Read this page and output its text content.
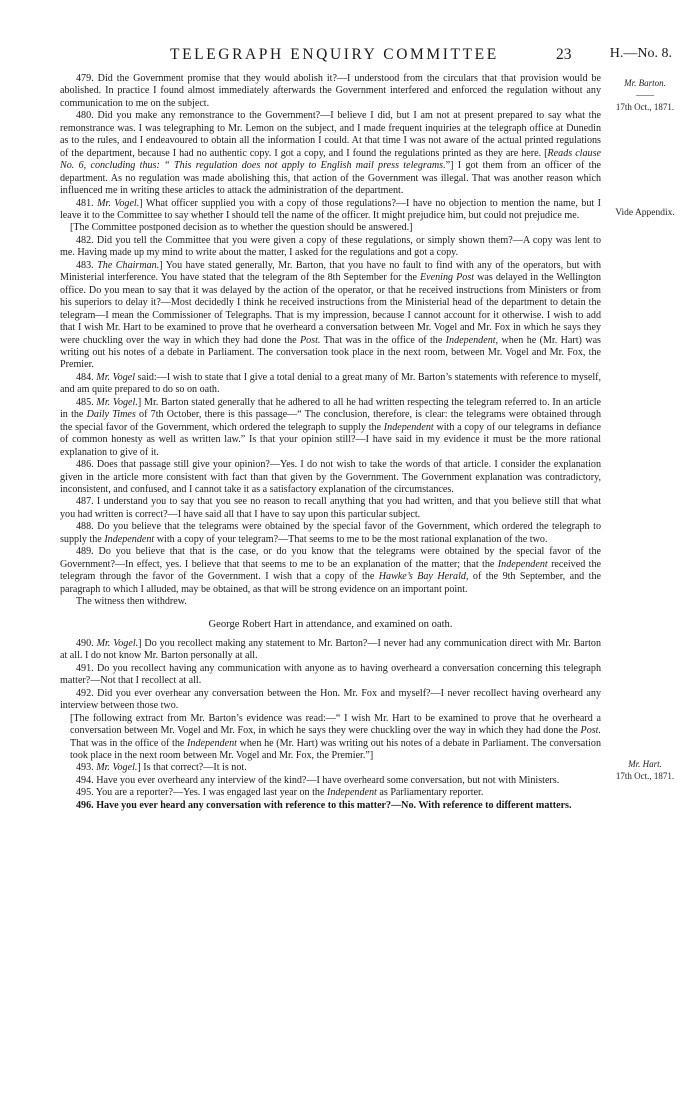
TELEGRAPH ENQUIRY COMMITTEE	23	H.—No. 8.
Mr. Barton.
——
17th Oct., 1871.
Vide Appendix.
Mr. Hart.
17th Oct., 1871.

479. Did the Government promise that they would abolish it?—I understood from the circulars that that provision would be abolished. In practice I found almost immediately afterwards the Government interfered and enforced the regulation without any communication to me on the subject.

480. Did you make any remonstrance to the Government?—I believe I did, but I am not at present prepared to say what the remonstrance was. I was telegraphing to Mr. Lemon on the subject, and I made frequent inquiries at the telegraph office at Dunedin as to the rules, and I endeavoured to obtain all the information I could. At that time I was not aware of the actual printed regulations of the department, because I had no authentic copy. I got a copy, and I found the regulations printed as they are here. [Reads clause No. 6, concluding thus: “ This regulation does not apply to English mail press telegrams.”] I got them from an officer of the department. As no regulation was made abolishing this, that action of the Government was illegal. That was another reason which influenced me in writing these articles to attack the administration of the department.

481. Mr. Vogel.] What officer supplied you with a copy of those regulations?—I have no objection to mention the name, but I leave it to the Committee to say whether I should tell the name of the officer. It might prejudice him, but could not prejudice me.

[The Committee postponed decision as to whether the question should be answered.]

482. Did you tell the Committee that you were given a copy of these regulations, or simply shown them?—A copy was lent to me. Having made up my mind to write about the matter, I asked for the regulations and got a copy.

483. The Chairman.] You have stated generally, Mr. Barton, that you have no fault to find with any of the operators, but with Ministerial interference. You have stated that the telegram of the 8th September for the Evening Post was delayed in the Wellington office. Do you mean to say that it was delayed by the action of the operator, or that he received instructions from Ministers or from his superiors to delay it?—Most decidedly I think he received instructions from the Ministerial head of the department to detain the telegram—I mean the Commissioner of Telegraphs. That is my impression, because I cannot account for it otherwise. I wish to add that I wish Mr. Hart to be examined to prove that he overheard a conversation between Mr. Vogel and Mr. Fox in which he says they were chuckling over the way in which they had done the Post. That was in the office of the Independent, when he (Mr. Hart) was writing out his notes of a debate in Parliament. The conversation took place in the next room, between Mr. Vogel and Mr. Fox, the Premier.

484. Mr. Vogel said:—I wish to state that I give a total denial to a great many of Mr. Barton’s statements with reference to myself, and am quite prepared to do so on oath.

485. Mr. Vogel.] Mr. Barton stated generally that he adhered to all he had written respecting the telegram referred to. In an article in the Daily Times of 7th October, there is this passage—“ The conclusion, therefore, is clear: the telegrams were obtained through the special favor of the Government, which ordered the telegraph to supply the Independent with a copy of our telegrams in defiance of common honesty as well as written law.” Is that your opinion still?—I have said in my evidence it must be the more rational explanation to give of it.

486. Does that passage still give your opinion?—Yes. I do not wish to take the words of that article. I consider the explanation given in the article more consistent with fact than that given by the Government. The Government explanation was contradictory, inconsistent, and confused, and I cannot take it as a satisfactory explanation of the circumstances.

487. I understand you to say that you see no reason to recall anything that you had written, and that you believe still that what you had written is correct?—I have said all that I have to say upon this particular subject.

488. Do you believe that the telegrams were obtained by the special favor of the Government, which ordered the telegraph to supply the Independent with a copy of your telegram?—That seems to me to be the most rational explanation of the two.

489. Do you believe that that is the case, or do you know that the telegrams were obtained by the special favor of the Government?—In effect, yes. I believe that that seems to me to be an explanation of the matter; that the Independent received the telegram through the favor of the Government. I wish that a copy of the Hawke’s Bay Herald, of the 9th September, and the paragraph to which I alluded, may be obtained, as that will be strong evidence on an important point.

The witness then withdrew.

George Robert Hart in attendance, and examined on oath.

490. Mr. Vogel.] Do you recollect making any statement to Mr. Barton?—I never had any communication direct with Mr. Barton at all. I do not know Mr. Barton personally at all.

491. Do you recollect having any communication with anyone as to having overheard a conversation concerning this telegraph matter?—Not that I recollect at all.

492. Did you ever overhear any conversation between the Hon. Mr. Fox and myself?—I never recollect having overheard any interview between those two.

[The following extract from Mr. Barton’s evidence was read:—“ I wish Mr. Hart to be examined to prove that he overheard a conversation between Mr. Vogel and Mr. Fox, in which he says they were chuckling over the way in which they had done the Post. That was in the office of the Independent when he (Mr. Hart) was writing out his notes of a debate in Parliament. The conversation took place in the next room between Mr. Vogel and Mr. Fox, the Premier.”]

493. Mr. Vogel.] Is that correct?—It is not.

494. Have you ever overheard any interview of the kind?—I have overheard some conversation, but not with Ministers.

495. You are a reporter?—Yes. I was engaged last year on the Independent as Parliamentary reporter.

496. Have you ever heard any conversation with reference to this matter?—No. With reference to different matters.
